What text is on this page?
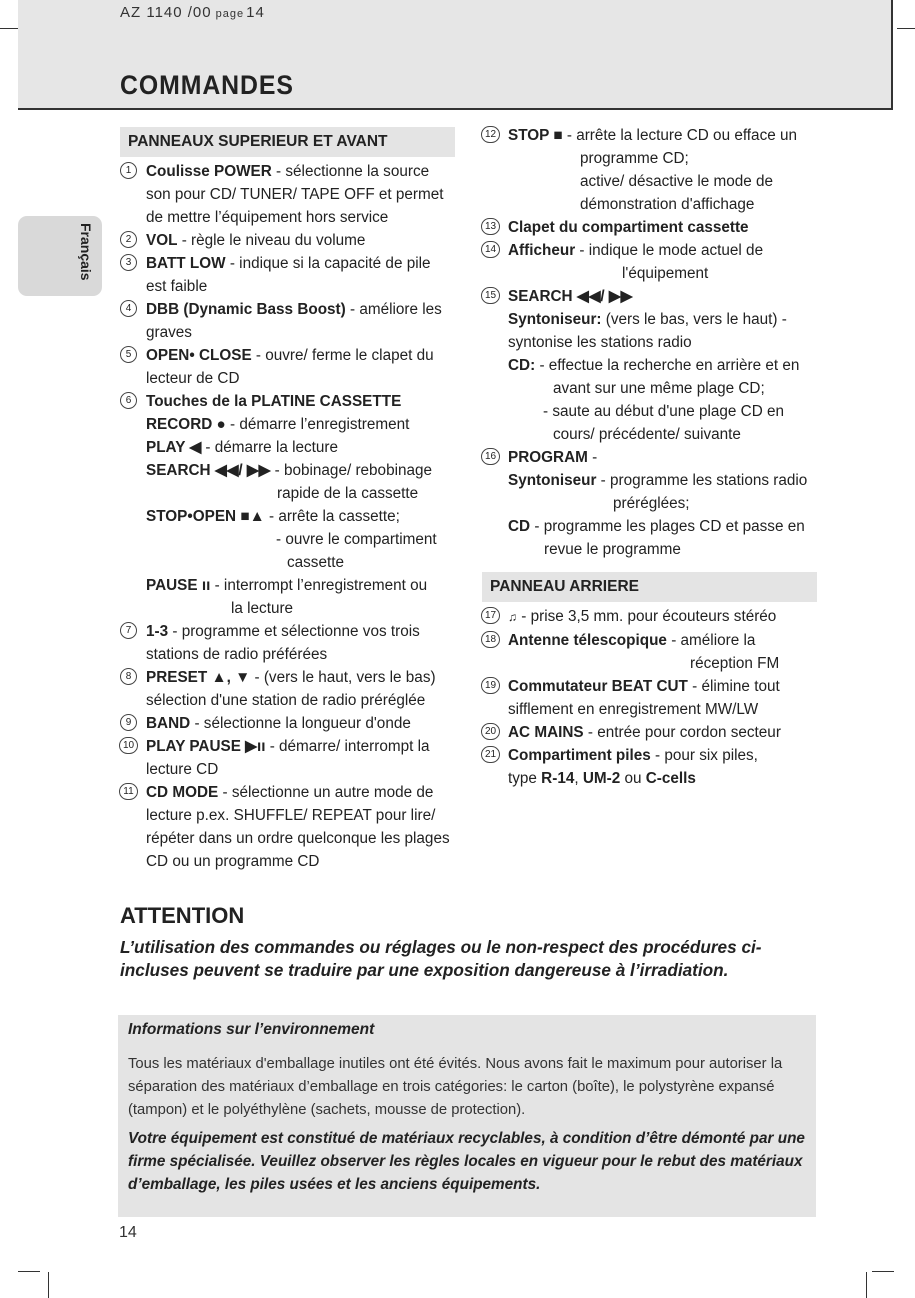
AZ 1140 /00 page 14
COMMANDES
Français
PANNEAUX SUPERIEUR ET AVANT
1 Coulisse POWER - sélectionne la source son pour CD/ TUNER/ TAPE OFF et permet de mettre l’équipement hors service
2 VOL - règle le niveau du volume
3 BATT LOW - indique si la capacité de pile est faible
4 DBB (Dynamic Bass Boost) - améliore les graves
5 OPEN• CLOSE - ouvre/ ferme le clapet du lecteur de CD
6 Touches de la PLATINE CASSETTE
RECORD ● - démarre l’enregistrement
PLAY ◀ - démarre la lecture
SEARCH ◀◀/ ▶▶ - bobinage/ rebobinage
rapide de la cassette
STOP•OPEN ■▲ - arrête la cassette;
- ouvre le compartiment
cassette
PAUSE ıı - interrompt l’enregistrement ou
la lecture
7 1-3 - programme et sélectionne vos trois stations de radio préférées
8 PRESET ▲, ▼ - (vers le haut, vers le bas) sélection d'une station de radio préréglée
9 BAND - sélectionne la longueur d'onde
10 PLAY PAUSE ▶ıı - démarre/ interrompt la lecture CD
11 CD MODE - sélectionne un autre mode de lecture p.ex. SHUFFLE/ REPEAT pour lire/ répéter dans un ordre quelconque les plages CD ou un programme CD
12 STOP ■ - arrête la lecture CD ou efface un
programme CD;
active/ désactive le mode de
démonstration d'affichage
13 Clapet du compartiment cassette
14 Afficheur - indique le mode actuel de
l'équipement
15 SEARCH ◀◀/ ▶▶
Syntoniseur: (vers le bas, vers le haut) - syntonise les stations radio
CD: - effectue la recherche en arrière et en
avant sur une même plage CD;
- saute au début d'une plage CD en
cours/ précédente/ suivante
16 PROGRAM -
Syntoniseur - programme les stations radio
préréglées;
CD - programme les plages CD et passe en
revue le programme
PANNEAU ARRIERE
17 ♫ - prise 3,5 mm. pour écouteurs stéréo
18 Antenne télescopique - améliore la
réception FM
19 Commutateur BEAT CUT - élimine tout sifflement en enregistrement MW/LW
20 AC MAINS - entrée pour cordon secteur
21 Compartiment piles - pour six piles,
type R-14, UM-2 ou C-cells
ATTENTION
L’utilisation des commandes ou réglages ou le non-respect des procédures ci-incluses peuvent se traduire par une exposition dangereuse à l’irradiation.
Informations sur l’environnement
Tous les matériaux d'emballage inutiles ont été évités. Nous avons fait le maximum pour autoriser la séparation des matériaux d’emballage en trois catégories: le carton (boîte), le polystyrène expansé (tampon) et le polyéthylène (sachets, mousse de protection).
Votre équipement est constitué de matériaux recyclables, à condition d’être démonté par une firme spécialisée. Veuillez observer les règles locales en vigueur pour le rebut des matériaux d’emballage, les piles usées et les anciens équipements.
14
